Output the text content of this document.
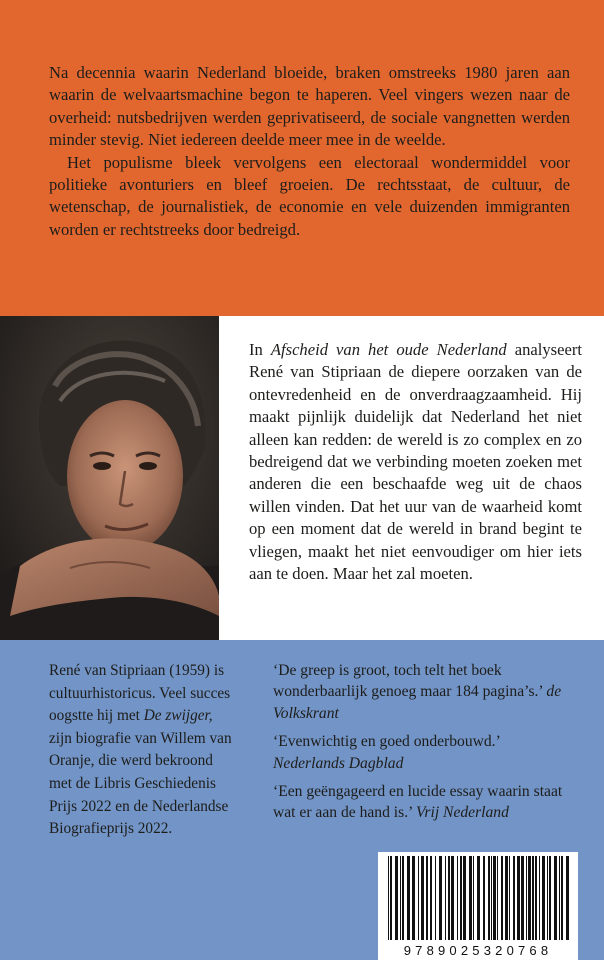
Na decennia waarin Nederland bloeide, braken omstreeks 1980 jaren aan waarin de welvaartsmachine begon te haperen. Veel vingers wezen naar de overheid: nutsbedrijven werden geprivatiseerd, de sociale vangnetten werden minder stevig. Niet iedereen deelde meer mee in de weelde.

Het populisme bleek vervolgens een electoraal wondermiddel voor politieke avonturiers en bleef groeien. De rechtsstaat, de cultuur, de wetenschap, de journalistiek, de economie en vele duizenden immigranten worden er rechtstreeks door bedreigd.

In Afscheid van het oude Nederland analyseert René van Stipriaan de diepere oorzaken van de ontevredenheid en de onverdraagzaamheid. Hij maakt pijnlijk duidelijk dat Nederland het niet alleen kan redden: de wereld is zo complex en zo bedreigend dat we verbinding moeten zoeken met anderen die een beschaafde weg uit de chaos willen vinden. Dat het uur van de waarheid komt op een moment dat de wereld in brand begint te vliegen, maakt het niet eenvoudiger om hier iets aan te doen. Maar het zal moeten.

René van Stipriaan (1959) is cultuurhistoricus. Veel succes oogstte hij met De zwijger, zijn biografie van Willem van Oranje, die werd bekroond met de Libris Geschiedenis Prijs 2022 en de Nederlandse Biografieprijs 2022.

‘De greep is groot, toch telt het boek wonderbaarlijk genoeg maar 184 pagina’s.’ de Volkskrant
‘Evenwichtig en goed onderbouwd.’
Nederlands Dagblad
‘Een geëngageerd en lucide essay waarin staat wat er aan de hand is.’ Vrij Nederland
9789025320768
